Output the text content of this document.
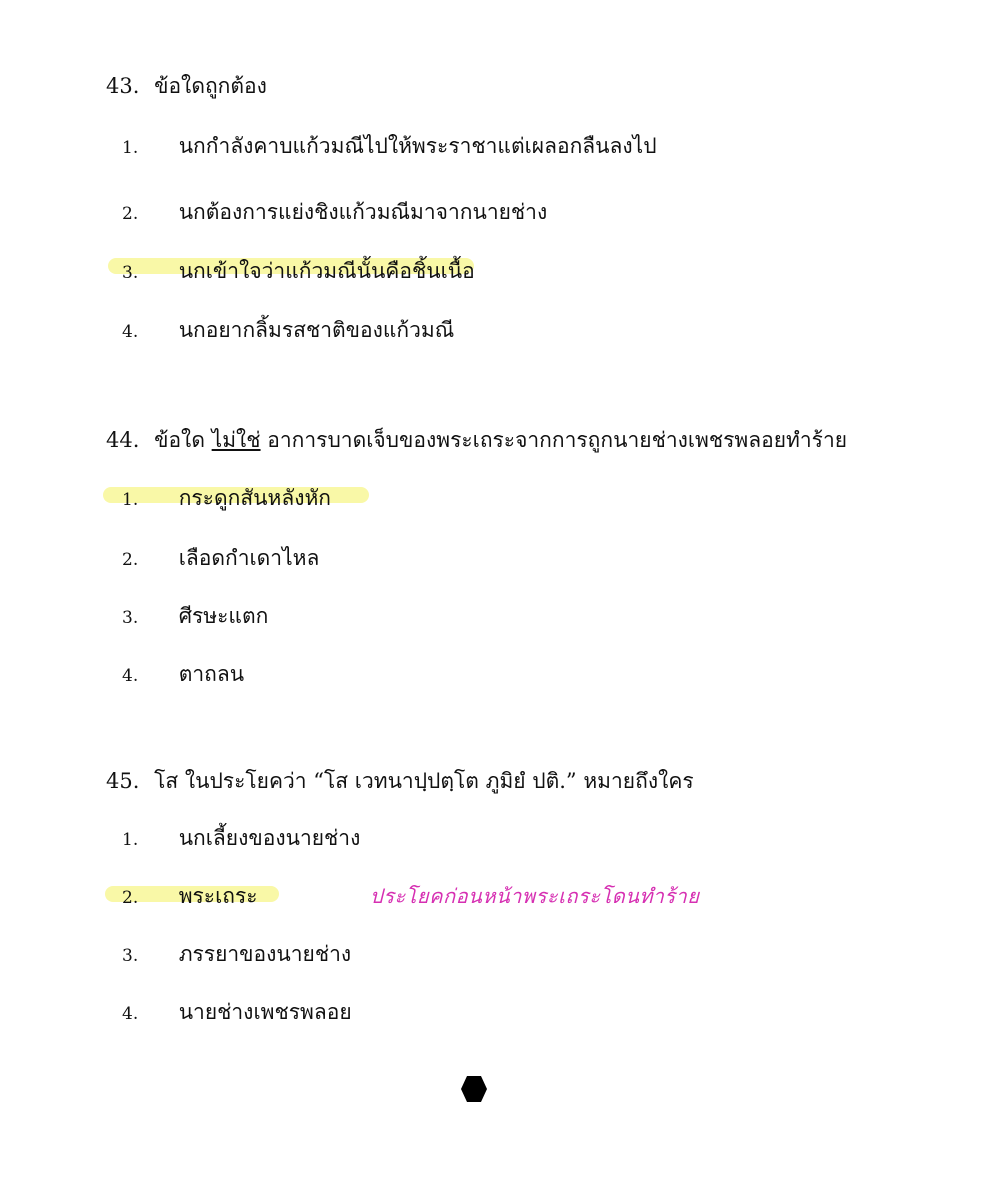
43. ข้อใดถูกต้อง
1. นกกำลังคาบแก้วมณีไปให้พระราชาแต่เผลอกลืนลงไป
2. นกต้องการแย่งชิงแก้วมณีมาจากนายช่าง
3. นกเข้าใจว่าแก้วมณีนั้นคือชิ้นเนื้อ
4. นกอยากลิ้มรสชาติของแก้วมณี
44. ข้อใด ไม่ใช่ อาการบาดเจ็บของพระเถระจากการถูกนายช่างเพชรพลอยทำร้าย
1. กระดูกสันหลังหัก
2. เลือดกำเดาไหล
3. ศีรษะแตก
4. ตาถลน
45. โส ในประโยคว่า “โส เวทนาปฺปตฺโต ภูมิยํ ปติ.” หมายถึงใคร
1. นกเลี้ยงของนายช่าง
2. พระเถระ
3. ภรรยาของนายช่าง
4. นายช่างเพชรพลอย
ประโยคก่อนหน้าพระเถระโดนทำร้าย
